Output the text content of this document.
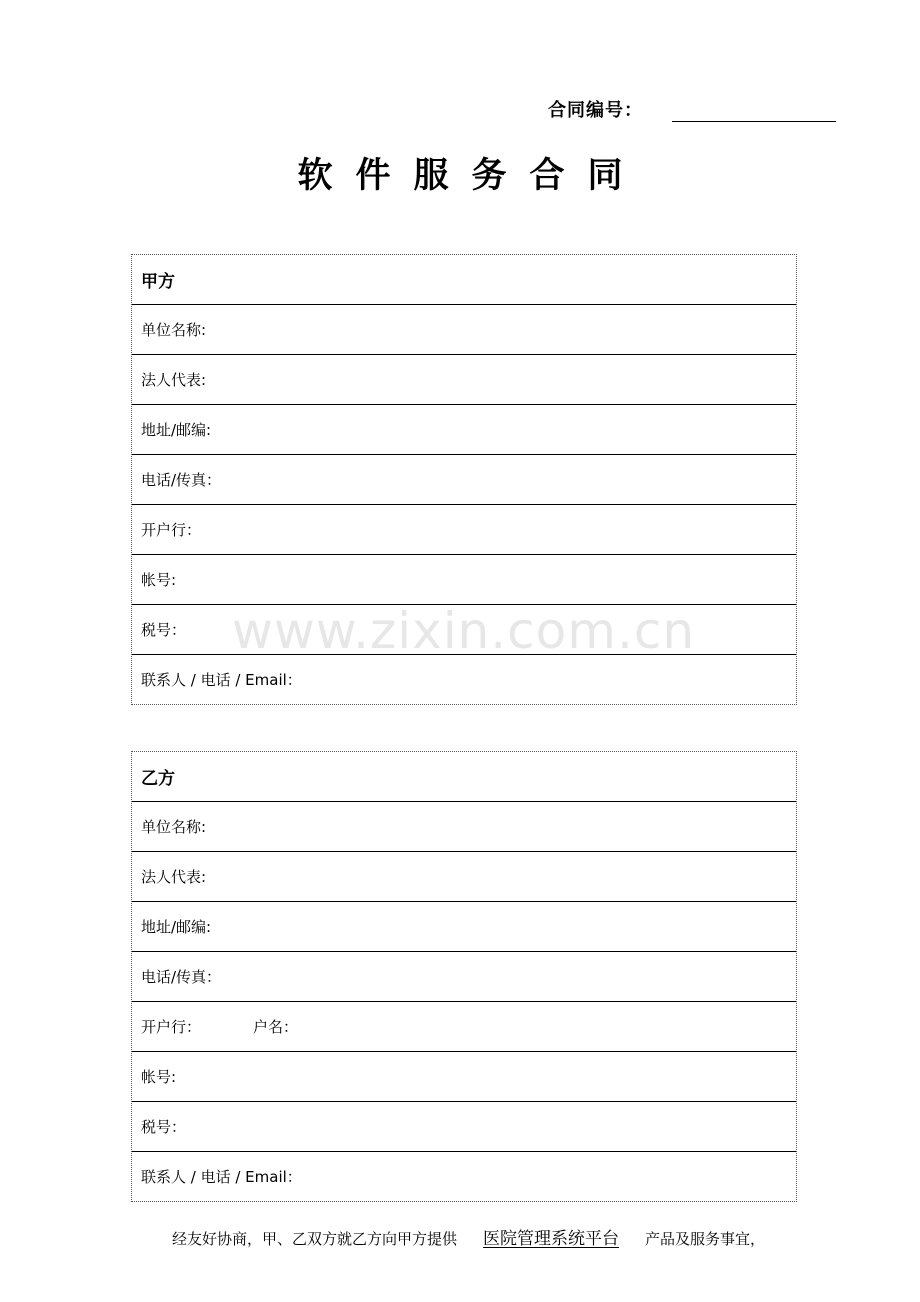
合同编号：
软件服务合同
甲方
单位名称:
法人代表:
地址/邮编:
电话/传真：
开户行：
帐号:
税号：
联系人 / 电话 / Email：
乙方
单位名称:
法人代表:
地址/邮编:
电话/传真：
开户行：	户名：
帐号:
税号：
联系人 / 电话 / Email：
www.zixin.com.cn
经友好协商，甲、乙双方就乙方向甲方提供 医院管理系统平台 产品及服务事宜，
